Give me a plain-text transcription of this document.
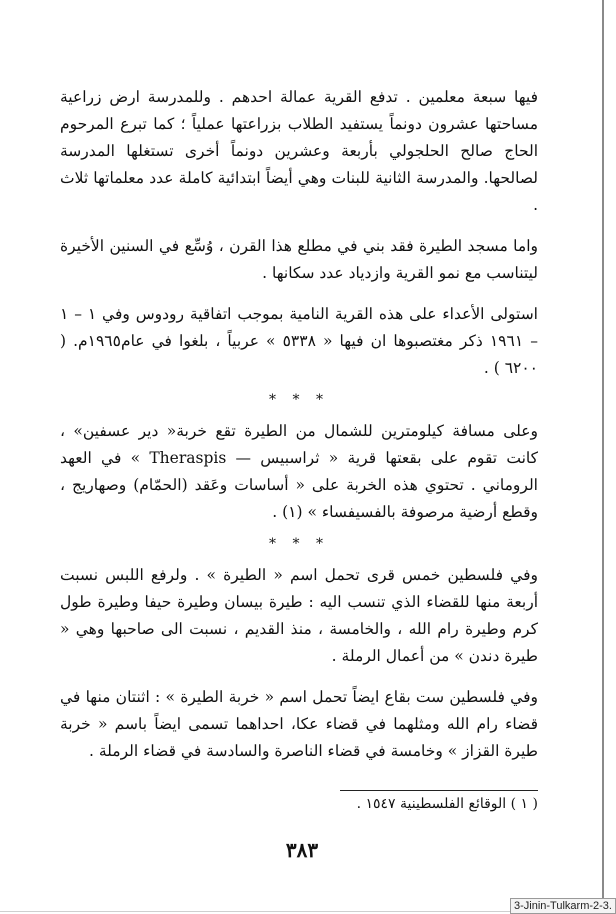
فيها سبعة معلمين . تدفع القرية عمالة احدهم . وللمدرسة ارض زراعية مساحتها عشرون دونماً يستفيد الطلاب بزراعتها عملياً ؛ كما تبرع المرحوم الحاج صالح الحلجولي بأربعة وعشرين دونماً أخرى تستغلها المدرسة لصالحها. والمدرسة الثانية للبنات وهي أيضاً ابتدائية كاملة عدد معلماتها ثلاث .

واما مسجد الطيرة فقد بني في مطلع هذا القرن ، وُسِّع في السنين الأخيرة ليتناسب مع نمو القرية وازدياد عدد سكانها .

استولى الأعداء على هذه القرية النامية بموجب اتفاقية رودوس وفي ١ – ١ – ١٩٦١ ذكر مغتصبوها ان فيها « ٥٣٣٨ » عربياً ، بلغوا في عام١٩٦٥م. ( ٦٢٠٠ ) .

* * *

وعلى مسافة كيلومترين للشمال من الطيرة تقع خربة« دير عسفين» ، كانت تقوم على بقعتها قرية « ثراسبيس — Theraspis » في العهد الروماني . تحتوي هذه الخربة على « أساسات وعَقد (الحمّام) وصهاريج ، وقطع أرضية مرصوفة بالفسيفساء » (١) .

* * *

وفي فلسطين خمس قرى تحمل اسم « الطيرة » . ولرفع اللبس نسبت أربعة منها للقضاء الذي تنسب اليه : طيرة بيسان وطيرة حيفا وطيرة طول كرم وطيرة رام الله ، والخامسة ، منذ القديم ، نسبت الى صاحبها وهي « طيرة دندن » من أعمال الرملة .

وفي فلسطين ست بقاع ايضاً تحمل اسم « خربة الطيرة » : اثنتان منها في قضاء رام الله ومثلهما في قضاء عكا، احداهما تسمى ايضاً باسم « خربة طيرة القزاز » وخامسة في قضاء الناصرة والسادسة في قضاء الرملة .

( ١ ) الوقائع الفلسطينية ١٥٤٧ .
٣٨٣
3-Jinin-Tulkarm-2-3.
